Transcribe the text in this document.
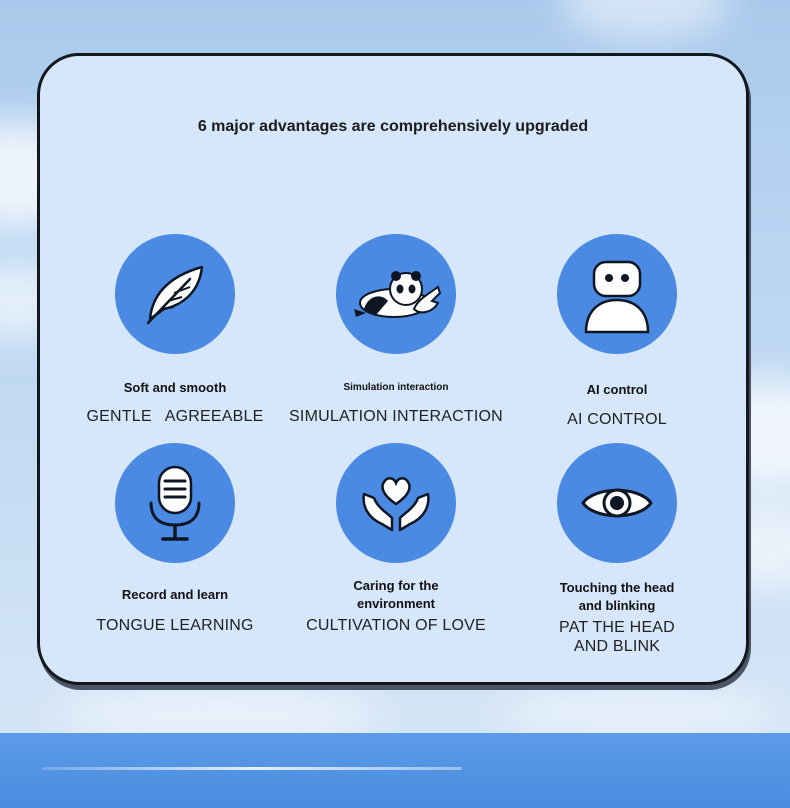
6 major advantages are comprehensively upgraded
Soft and smooth
GENTLE   AGREEABLE
Simulation interaction
SIMULATION INTERACTION
AI control
AI CONTROL
Record and learn
TONGUE LEARNING
Caring for the
environment
CULTIVATION OF LOVE
Touching the head
and blinking
PAT THE HEAD
AND BLINK
